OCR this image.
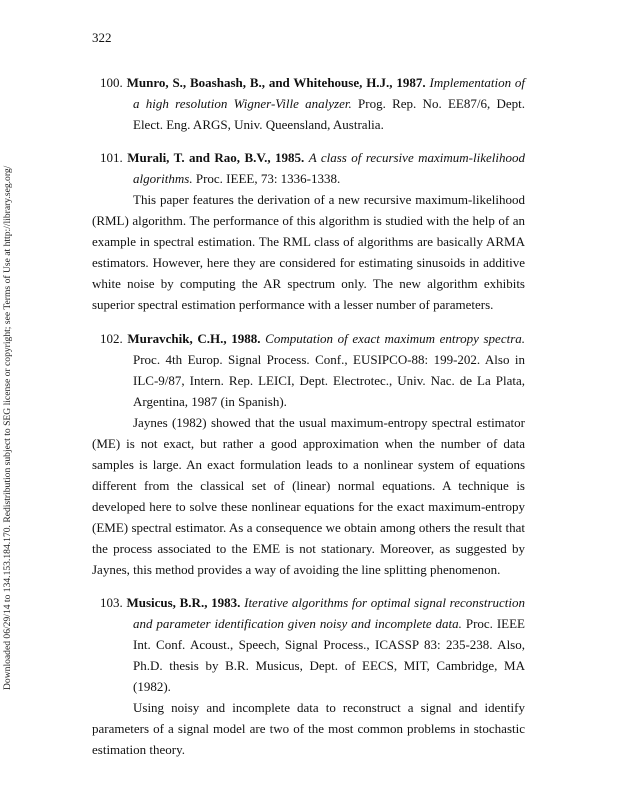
322
Downloaded 06/29/14 to 134.153.184.170. Redistribution subject to SEG license or copyright; see Terms of Use at http://library.seg.org/

100. Munro, S., Boashash, B., and Whitehouse, H.J., 1987. Implementation of a high resolution Wigner-Ville analyzer. Prog. Rep. No. EE87/6, Dept. Elect. Eng. ARGS, Univ. Queensland, Australia.

101. Murali, T. and Rao, B.V., 1985. A class of recursive maximum-likelihood algorithms. Proc. IEEE, 73: 1336-1338.

This paper features the derivation of a new recursive maximum-likelihood (RML) algorithm. The performance of this algorithm is studied with the help of an example in spectral estimation. The RML class of algorithms are basically ARMA estimators. However, here they are considered for estimating sinusoids in additive white noise by computing the AR spectrum only. The new algorithm exhibits superior spectral estimation performance with a lesser number of parameters.

102. Muravchik, C.H., 1988. Computation of exact maximum entropy spectra. Proc. 4th Europ. Signal Process. Conf., EUSIPCO-88: 199-202. Also in ILC-9/87, Intern. Rep. LEICI, Dept. Electrotec., Univ. Nac. de La Plata, Argentina, 1987 (in Spanish).

Jaynes (1982) showed that the usual maximum-entropy spectral estimator (ME) is not exact, but rather a good approximation when the number of data samples is large. An exact formulation leads to a nonlinear system of equations different from the classical set of (linear) normal equations. A technique is developed here to solve these nonlinear equations for the exact maximum-entropy (EME) spectral estimator. As a consequence we obtain among others the result that the process associated to the EME is not stationary. Moreover, as suggested by Jaynes, this method provides a way of avoiding the line splitting phenomenon.

103. Musicus, B.R., 1983. Iterative algorithms for optimal signal reconstruction and parameter identification given noisy and incomplete data. Proc. IEEE Int. Conf. Acoust., Speech, Signal Process., ICASSP 83: 235-238. Also, Ph.D. thesis by B.R. Musicus, Dept. of EECS, MIT, Cambridge, MA (1982).

Using noisy and incomplete data to reconstruct a signal and identify parameters of a signal model are two of the most common problems in stochastic estimation theory.
